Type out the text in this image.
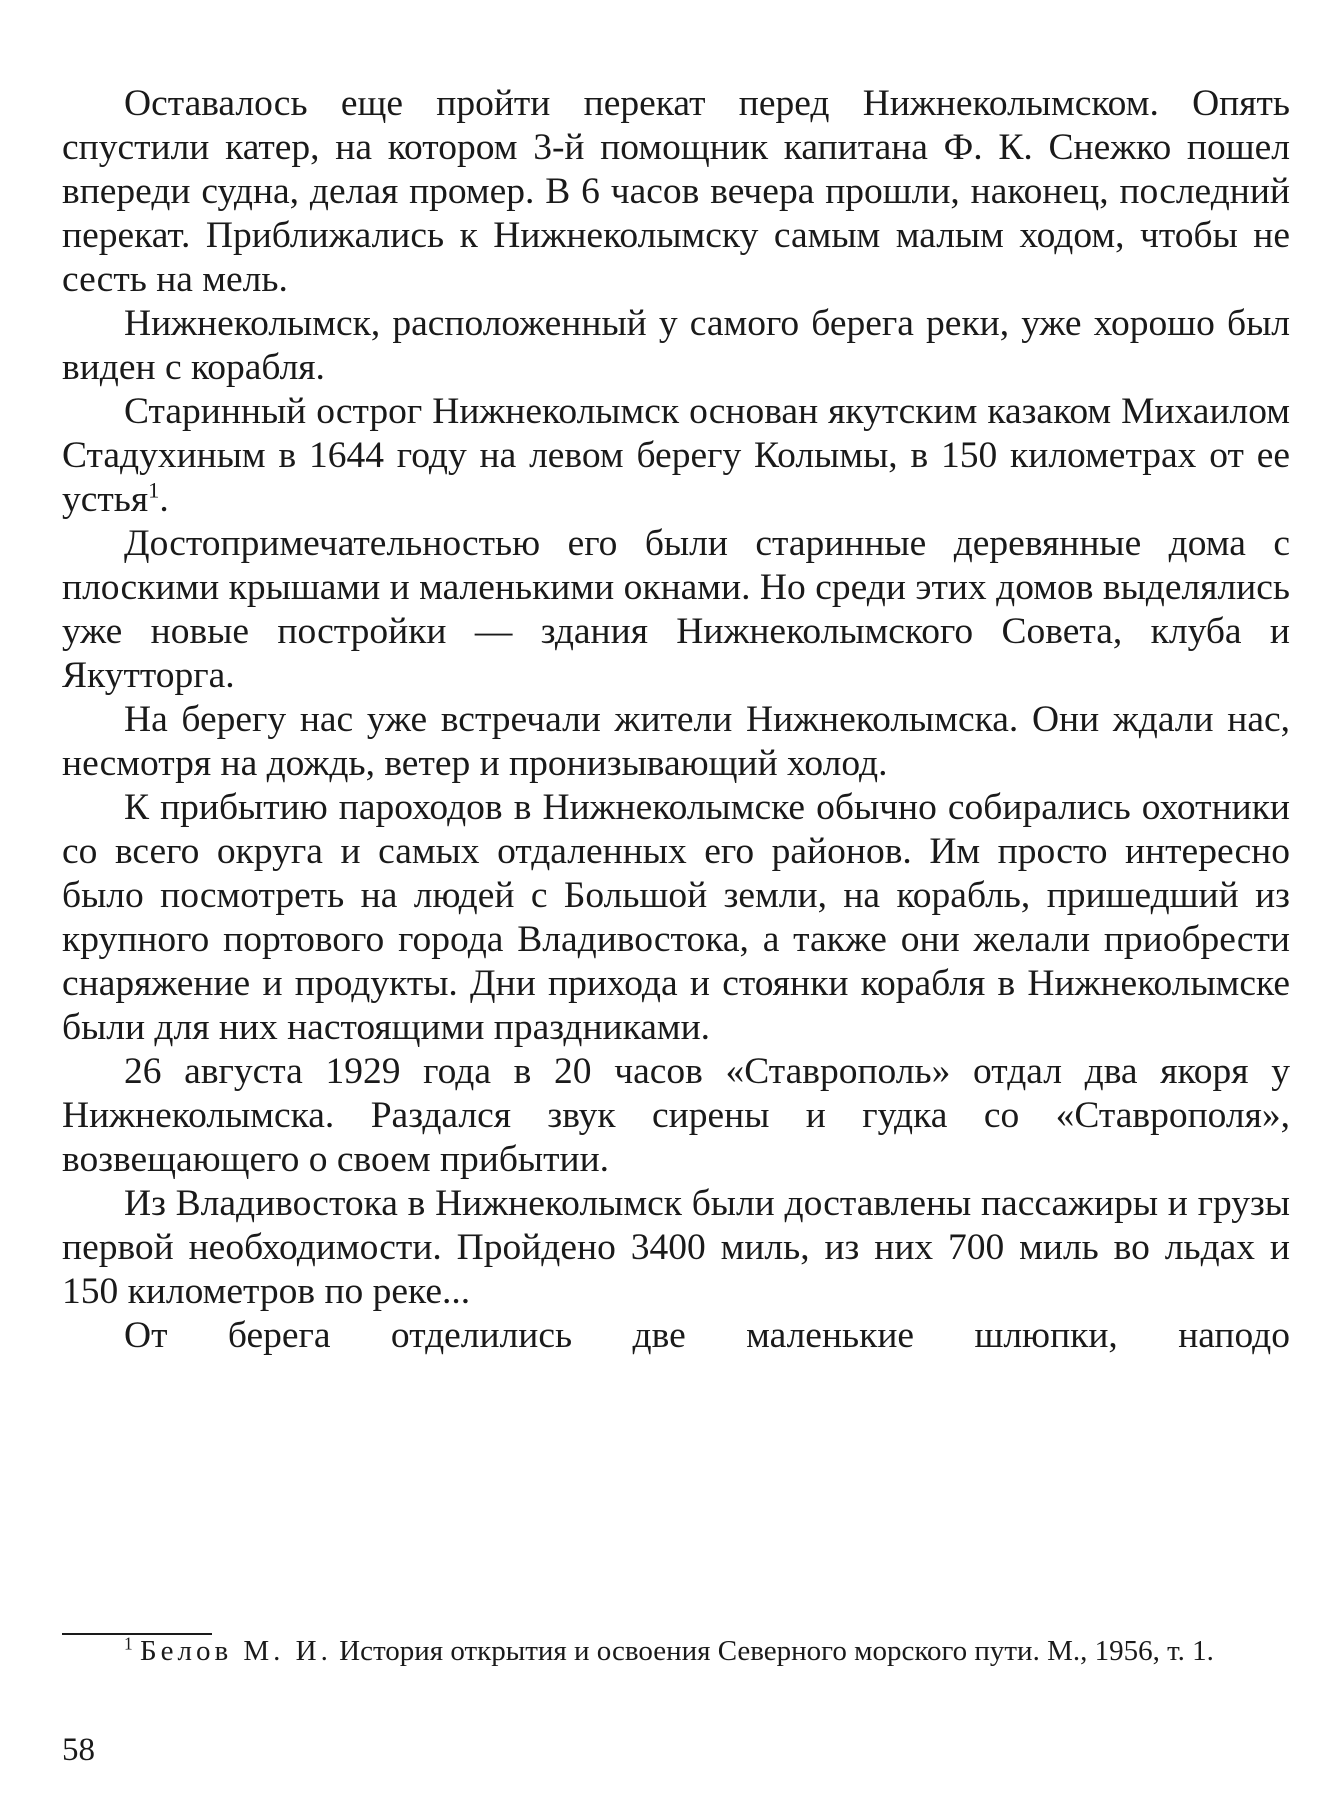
Оставалось еще пройти перекат перед Нижнеколымском. Опять спустили катер, на котором 3-й помощник капитана Ф. К. Снежко пошел впереди судна, делая промер. В 6 часов вечера прошли, наконец, последний перекат. Приближались к Нижнеколымску самым малым ходом, чтобы не сесть на мель.

Нижнеколымск, расположенный у самого берега реки, уже хорошо был виден с корабля.

Старинный острог Нижнеколымск основан якутским казаком Михаилом Стадухиным в 1644 году на левом берегу Колымы, в 150 километрах от ее устья$^1$.

Достопримечательностью его были старинные деревянные дома с плоскими крышами и маленькими окнами. Но среди этих домов выделялись уже новые постройки — здания Нижнеколымского Совета, клуба и Якутторга.

На берегу нас уже встречали жители Нижнеколымска. Они ждали нас, несмотря на дождь, ветер и пронизывающий холод.

К прибытию пароходов в Нижнеколымске обычно собирались охотники со всего округа и самых отдаленных его районов. Им просто интересно было посмотреть на людей с Большой земли, на корабль, пришедший из крупного портового города Владивостока, а также они желали приобрести снаряжение и продукты. Дни прихода и стоянки корабля в Нижнеколымске были для них настоящими праздниками.

26 августа 1929 года в 20 часов «Ставрополь» отдал два якоря у Нижнеколымска. Раздался звук сирены и гудка со «Ставрополя», возвещающего о своем прибытии.

Из Владивостока в Нижнеколымск были доставлены пассажиры и грузы первой необходимости. Пройдено 3400 миль, из них 700 миль во льдах и 150 километров по реке...

От берега отделились две маленькие шлюпки, наподо

$^1$ Белов М. И. История открытия и освоения Северного морского пути. М., 1956, т. 1.

58
